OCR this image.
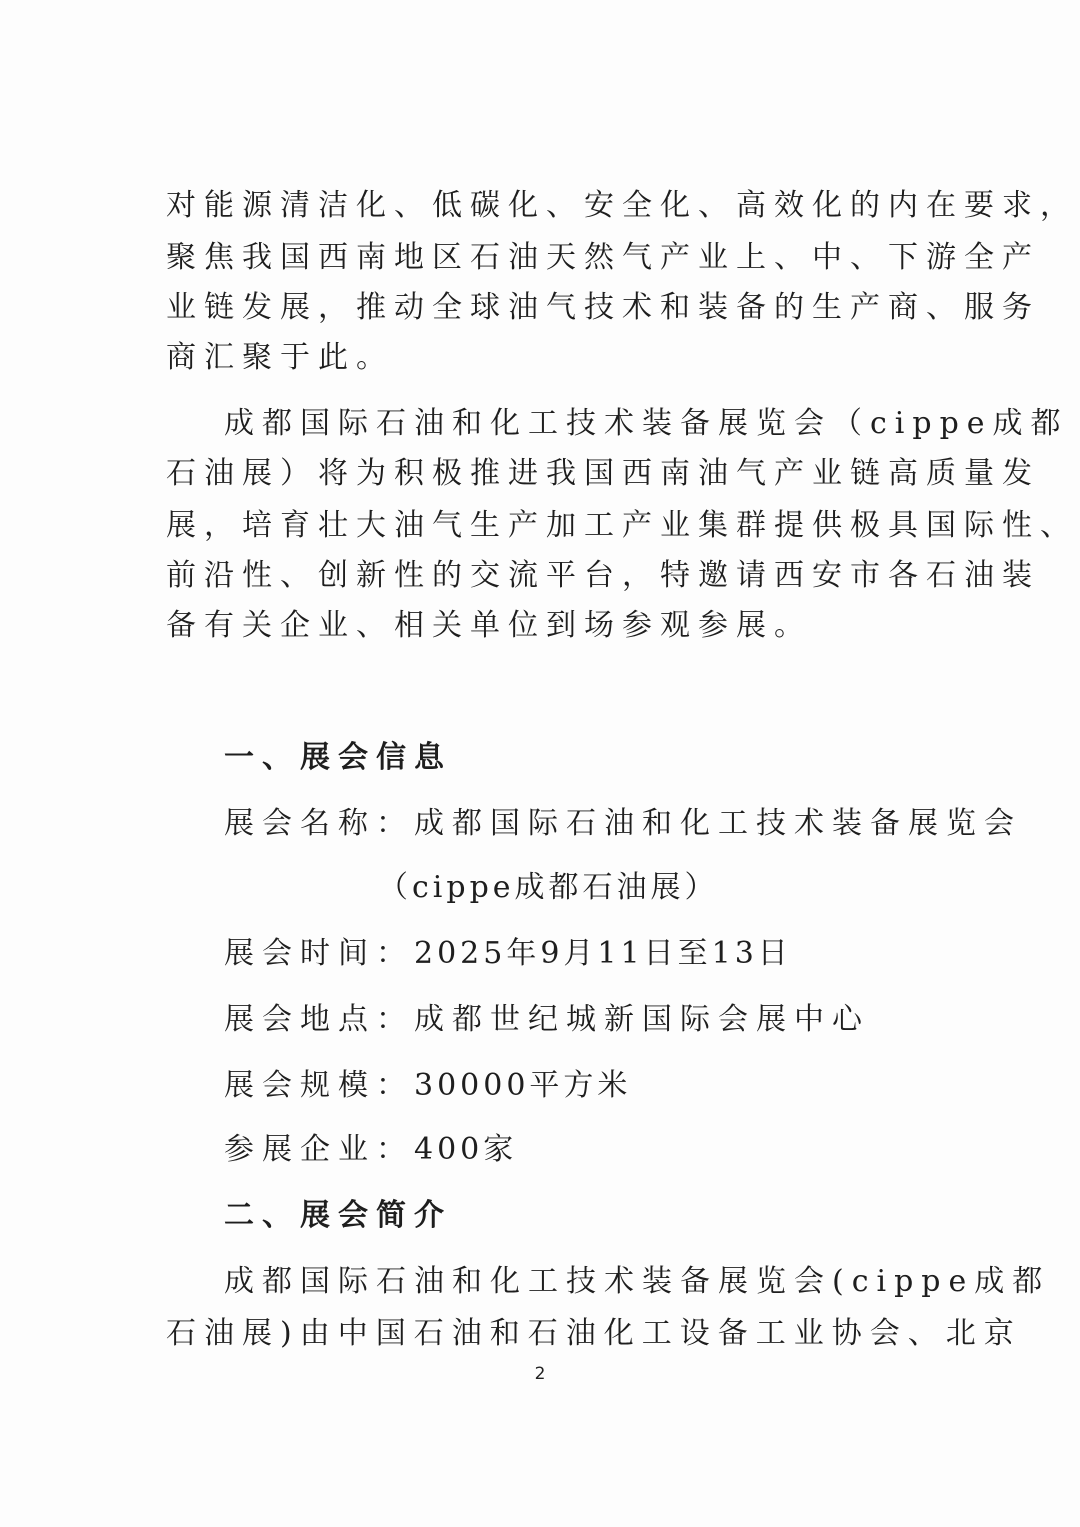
对能源清洁化、低碳化、安全化、高效化的内在要求，
聚焦我国西南地区石油天然气产业上、中、下游全产
业链发展，推动全球油气技术和装备的生产商、服务
商汇聚于此。
成都国际石油和化工技术装备展览会（cippe成都
石油展）将为积极推进我国西南油气产业链高质量发
展，培育壮大油气生产加工产业集群提供极具国际性、
前沿性、创新性的交流平台，特邀请西安市各石油装
备有关企业、相关单位到场参观参展。
一、展会信息
展会名称：成都国际石油和化工技术装备展览会
（cippe成都石油展）
展会时间：2025年9月11日至13日
展会地点：成都世纪城新国际会展中心
展会规模：30000平方米
参展企业：400家
二、展会简介
成都国际石油和化工技术装备展览会(cippe成都
石油展)由中国石油和石油化工设备工业协会、北京
2
